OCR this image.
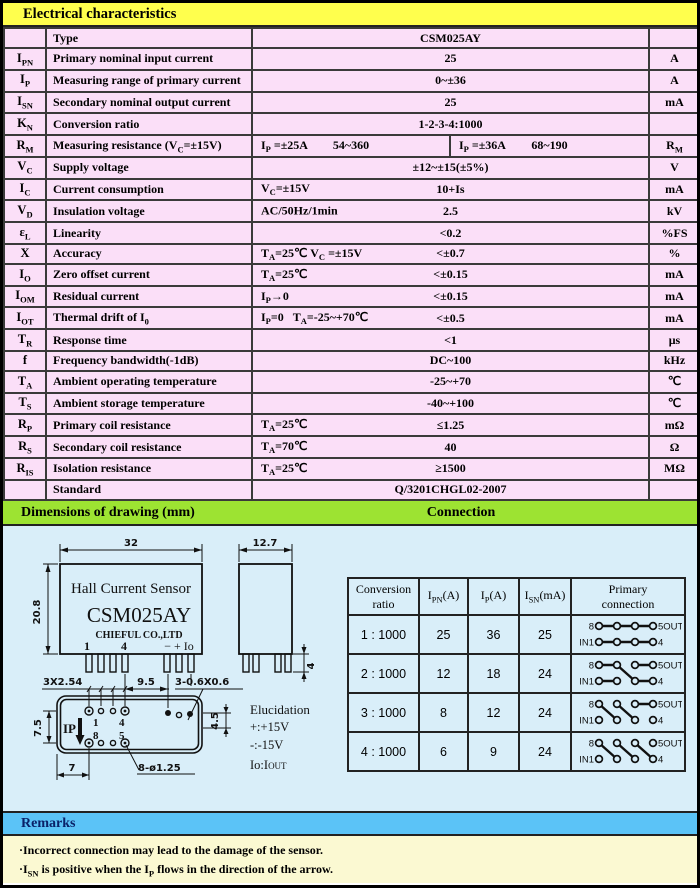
Electrical characteristics
	Type	CSM025AY		
$I_{PN}$	Primary nominal input current	25		A
$I_P$	Measuring range of primary current	0~±36		A
$I_{SN}$	Secondary nominal output current	25		mA
$K_N$	Conversion ratio	1-2-3-4:1000		
$R_M$	Measuring resistance $(V_C=\pm 15V)$	$I_P =\pm 25A$ 54~360	$I_P =\pm 36A$ 68~190	$R_M$
$V_C$	Supply voltage	±12~±15(±5%)		V
$I_C$	Current consumption	$V_C=\pm 15V$ 10+Is		mA
$V_D$	Insulation voltage	AC/50Hz/1min 2.5		kV
$\varepsilon_L$	Linearity	<0.2		%FS
X	Accuracy	$T_A=25℃$ $V_C =\pm 15V <\pm 0.7$		%
$I_O$	Zero offset current	$T_A=25℃ <\pm 0.15$		mA
$I_{OM}$	Residual current	$I_P\to 0 <\pm 0.15$		mA
$I_{OT}$	Thermal drift of $I_0$	$I_P=0$   $T_A=-25\sim+70℃ <\pm 0.5$		mA
$T_R$	Response time	<1		μs
f	Frequency bandwidth(-1dB)	DC~100		kHz
$T_A$	Ambient operating temperature	-25~+70		℃
$T_S$	Ambient storage temperature	-40~+100		℃
$R_P$	Primary coil resistance	$T_A=25℃ \le 1.25$		mΩ
$R_S$	Secondary coil resistance	$T_A=70℃$ 40		Ω
$R_{IS}$	Isolation resistance	$T_A=25℃ \ge 1500$		MΩ
	Standard	Q/3201CHGL02-2007		
Dimensions of drawing (mm)	Connection
Hall Current Sensor
CSM025AY
CHIEFUL CO.,LTD
1	4	− + Io
32	12.7
20.8
4
1 4
8 5
IP
3X2.54	9.5 3-0.6X0.6
7.5
7
4.5
8-ø1.25
Elucidation
+:+15V
-:-15V
Io:IOUT
Conversion
ratio	$I_{PN}(A)$	$I_P(A)$	$I_{SN}(mA)$	Primary
connection
1 : 1000	25	36	25	8 5OUT
IN1 4

2 : 1000	12	18	24	8 5OUT
IN1 4

3 : 1000	8	12	24	8 5OUT
IN1 4

4 : 1000	6	9	24	8 5OUT
IN1 4
Remarks
·Incorrect connection may lead to the damage of the sensor.
$\cdot I_{SN}$ is positive when the $I_P$ flows in the direction of the arrow.
